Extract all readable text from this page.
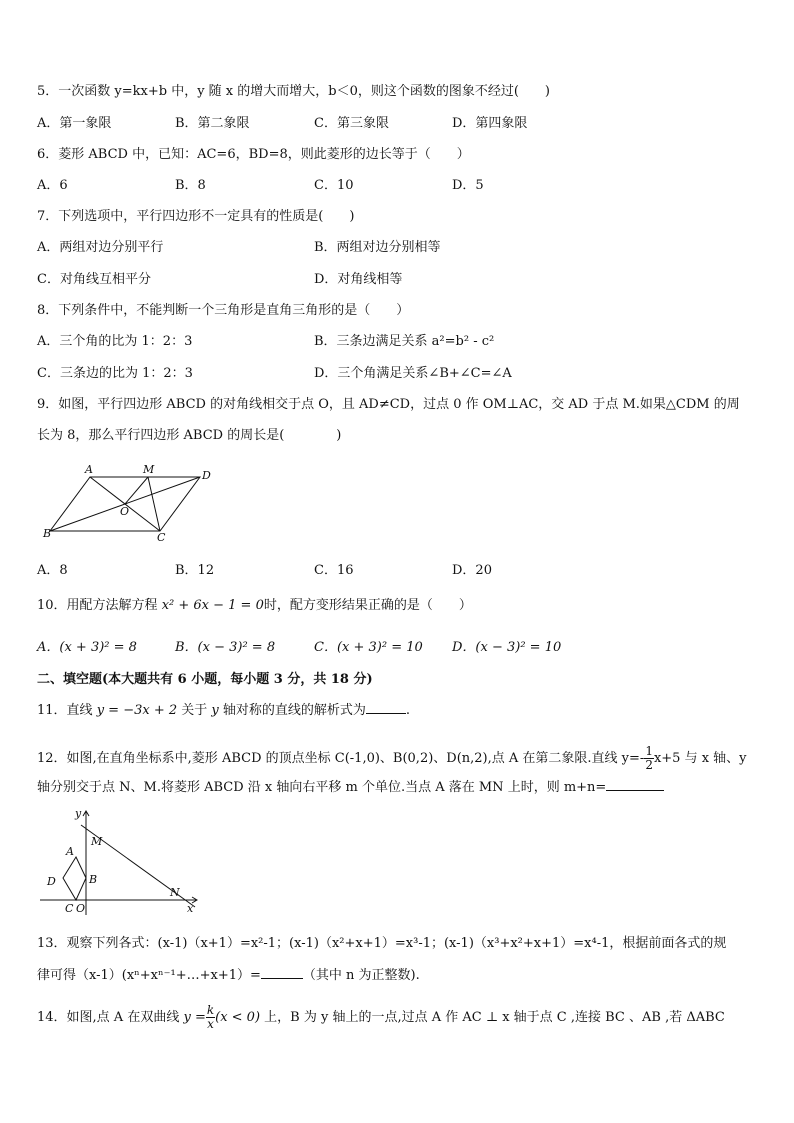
5．一次函数 y=kx+b 中，y 随 x 的增大而增大，b＜0，则这个函数的图象不经过(　　)
A．第一象限	B．第二象限	C．第三象限	D．第四象限
6．菱形 ABCD 中，已知：AC=6，BD=8，则此菱形的边长等于（　　）
A．6	B．8	C．10	D．5
7．下列选项中，平行四边形不一定具有的性质是(　　)
A．两组对边分别平行	B．两组对边分别相等
C．对角线互相平分	D．对角线相等
8．下列条件中，不能判断一个三角形是直角三角形的是（　　）
A．三个角的比为 1：2：3	B．三条边满足关系 a²=b² - c²
C．三条边的比为 1：2：3	D．三个角满足关系∠B+∠C=∠A
9．如图，平行四边形 ABCD 的对角线相交于点 O，且 AD≠CD，过点 0 作 OM⊥AC，交 AD 于点 M.如果△CDM 的周
长为 8，那么平行四边形 ABCD 的周长是(　　　　)
A	M	D
O
B	C
A．8	B．12	C．16	D．20
10．用配方法解方程 x² + 6x − 1 = 0时，配方变形结果正确的是（　　）
A．(x + 3)² = 8	B．(x − 3)² = 8	C．(x + 3)² = 10 D．(x − 3)² = 10
二、填空题(本大题共有 6 小题，每小题 3 分，共 18 分)
11．直线 y = −3x + 2 关于 y 轴对称的直线的解析式为	.
12．如图,在直角坐标系中,菱形 ABCD 的顶点坐标 C(-1,0)、B(0,2)、D(n,2),点 A 在第二象限.直线 $y=- \frac{1}{2} x+5$ 与 x 轴、y
轴分别交于点 N、M.将菱形 ABCD 沿 x 轴向右平移 m 个单位.当点 A 落在 MN 上时，则 m+n=
y
x
M
A
D	B
C O
N
13．观察下列各式：(x-1)（x+1）=x²-1；(x-1)（x²+x+1）=x³-1；(x-1)（x³+x²+x+1）=x⁴-1，根据前面各式的规
律可得（x-1）(xⁿ+xⁿ⁻¹+…+x+1）=	（其中 n 为正整数).
14．如图,点 A 在双曲线 $y = \frac{k}{x} (x < 0)$ 上，B 为 y 轴上的一点,过点 A 作 AC ⊥ x 轴于点 C ,连接 BC 、AB ,若 ΔABC
